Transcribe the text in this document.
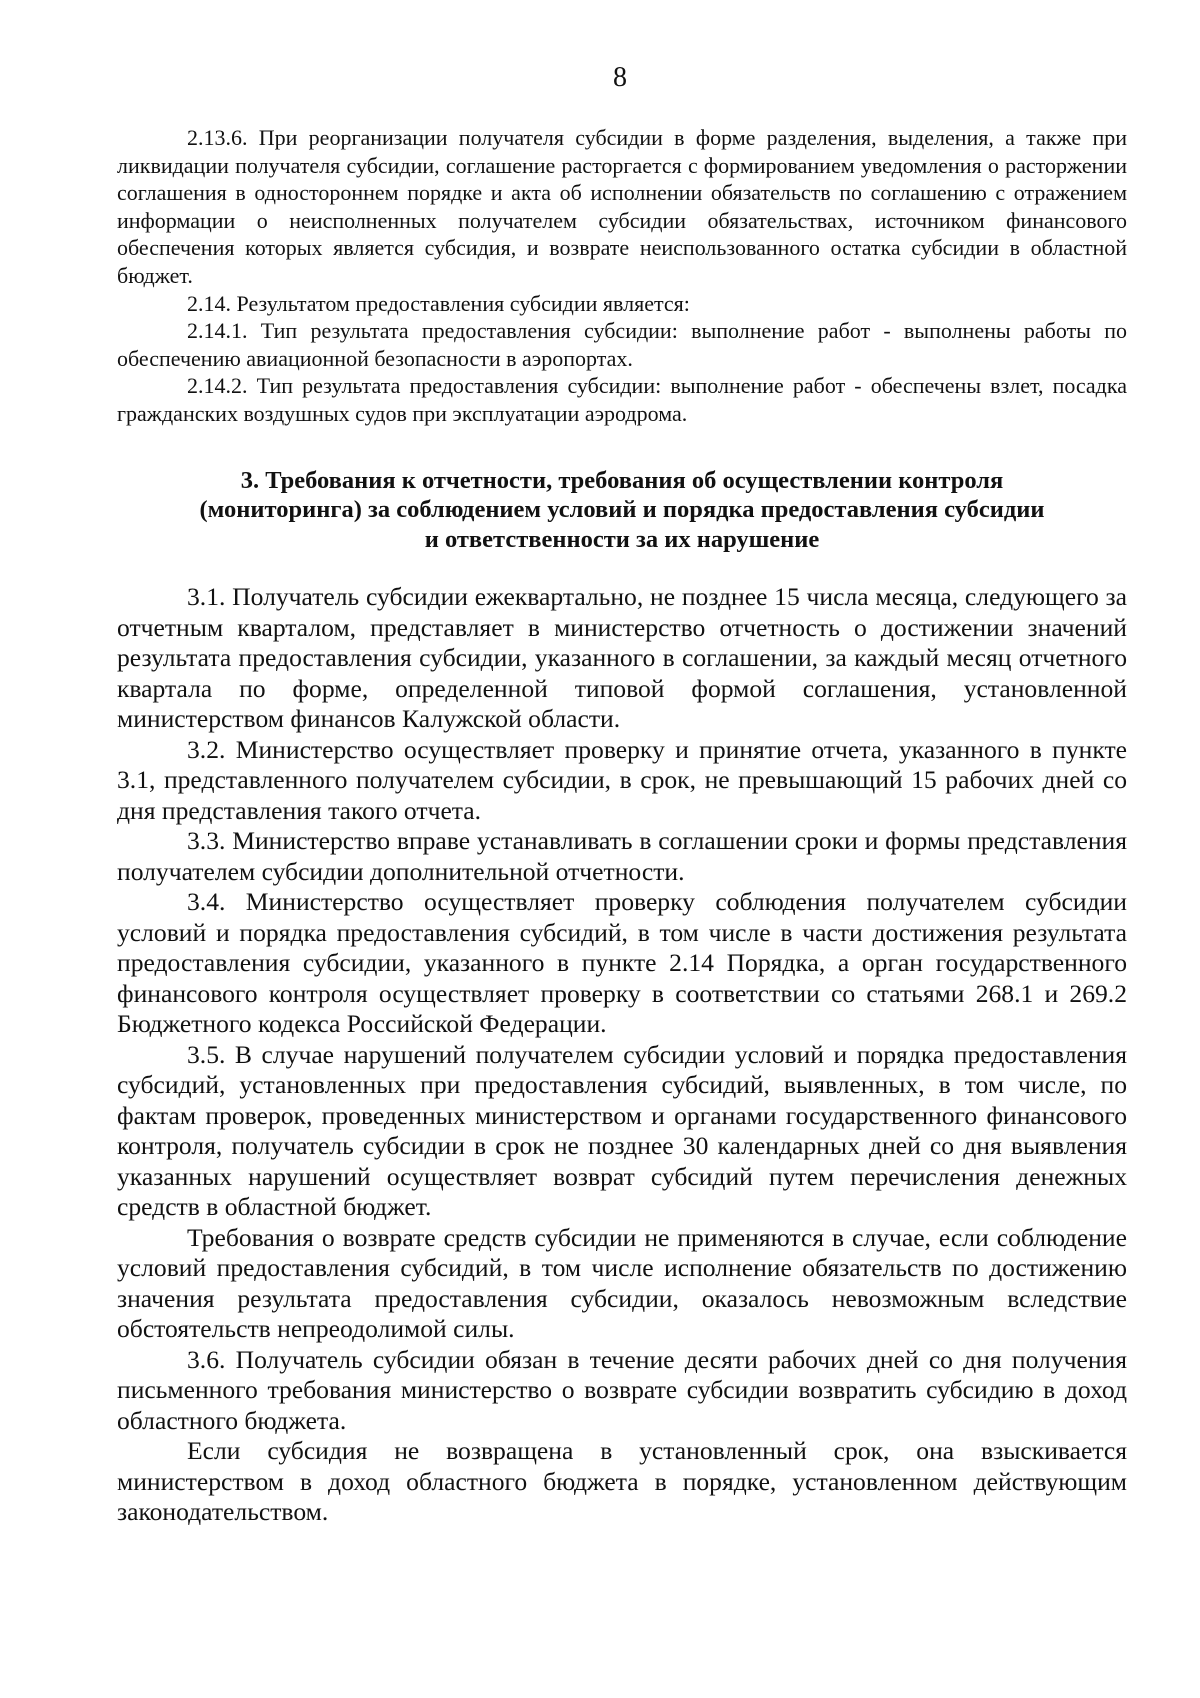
8

2.13.6. При реорганизации получателя субсидии в форме разделения, выделения, а также при ликвидации получателя субсидии, соглашение расторгается с формированием уведомления о расторжении соглашения в одностороннем порядке и акта об исполнении обязательств по соглашению с отражением информации о неисполненных получателем субсидии обязательствах, источником финансового обеспечения которых является субсидия, и возврате неиспользованного остатка субсидии в областной бюджет.

2.14. Результатом предоставления субсидии является:

2.14.1. Тип результата предоставления субсидии: выполнение работ - выполнены работы по обеспечению авиационной безопасности в аэропортах.

2.14.2. Тип результата предоставления субсидии: выполнение работ - обеспечены взлет, посадка гражданских воздушных судов при эксплуатации аэродрома.

3. Требования к отчетности, требования об осуществлении контроля
(мониторинга) за соблюдением условий и порядка предоставления субсидии
и ответственности за их нарушение

3.1. Получатель субсидии ежеквартально, не позднее 15 числа месяца, следующего за отчетным кварталом, представляет в министерство отчетность о достижении значений результата предоставления субсидии, указанного в соглашении, за каждый месяц отчетного квартала по форме, определенной типовой формой соглашения, установленной министерством финансов Калужской области.

3.2. Министерство осуществляет проверку и принятие отчета, указанного в пункте 3.1, представленного получателем субсидии, в срок, не превышающий 15 рабочих дней со дня представления такого отчета.

3.3. Министерство вправе устанавливать в соглашении сроки и формы представления получателем субсидии дополнительной отчетности.

3.4. Министерство осуществляет проверку соблюдения получателем субсидии условий и порядка предоставления субсидий, в том числе в части достижения результата предоставления субсидии, указанного в пункте 2.14 Порядка, а орган государственного финансового контроля осуществляет проверку в соответствии со статьями 268.1 и 269.2 Бюджетного кодекса Российской Федерации.

3.5. В случае нарушений получателем субсидии условий и порядка предоставления субсидий, установленных при предоставления субсидий, выявленных, в том числе, по фактам проверок, проведенных министерством и органами государственного финансового контроля, получатель субсидии в срок не позднее 30 календарных дней со дня выявления указанных нарушений осуществляет возврат субсидий путем перечисления денежных средств в областной бюджет.

Требования о возврате средств субсидии не применяются в случае, если соблюдение условий предоставления субсидий, в том числе исполнение обязательств по достижению значения результата предоставления субсидии, оказалось невозможным вследствие обстоятельств непреодолимой силы.

3.6. Получатель субсидии обязан в течение десяти рабочих дней со дня получения письменного требования министерство о возврате субсидии возвратить субсидию в доход областного бюджета.

Если субсидия не возвращена в установленный срок, она взыскивается министерством в доход областного бюджета в порядке, установленном действующим законодательством.
